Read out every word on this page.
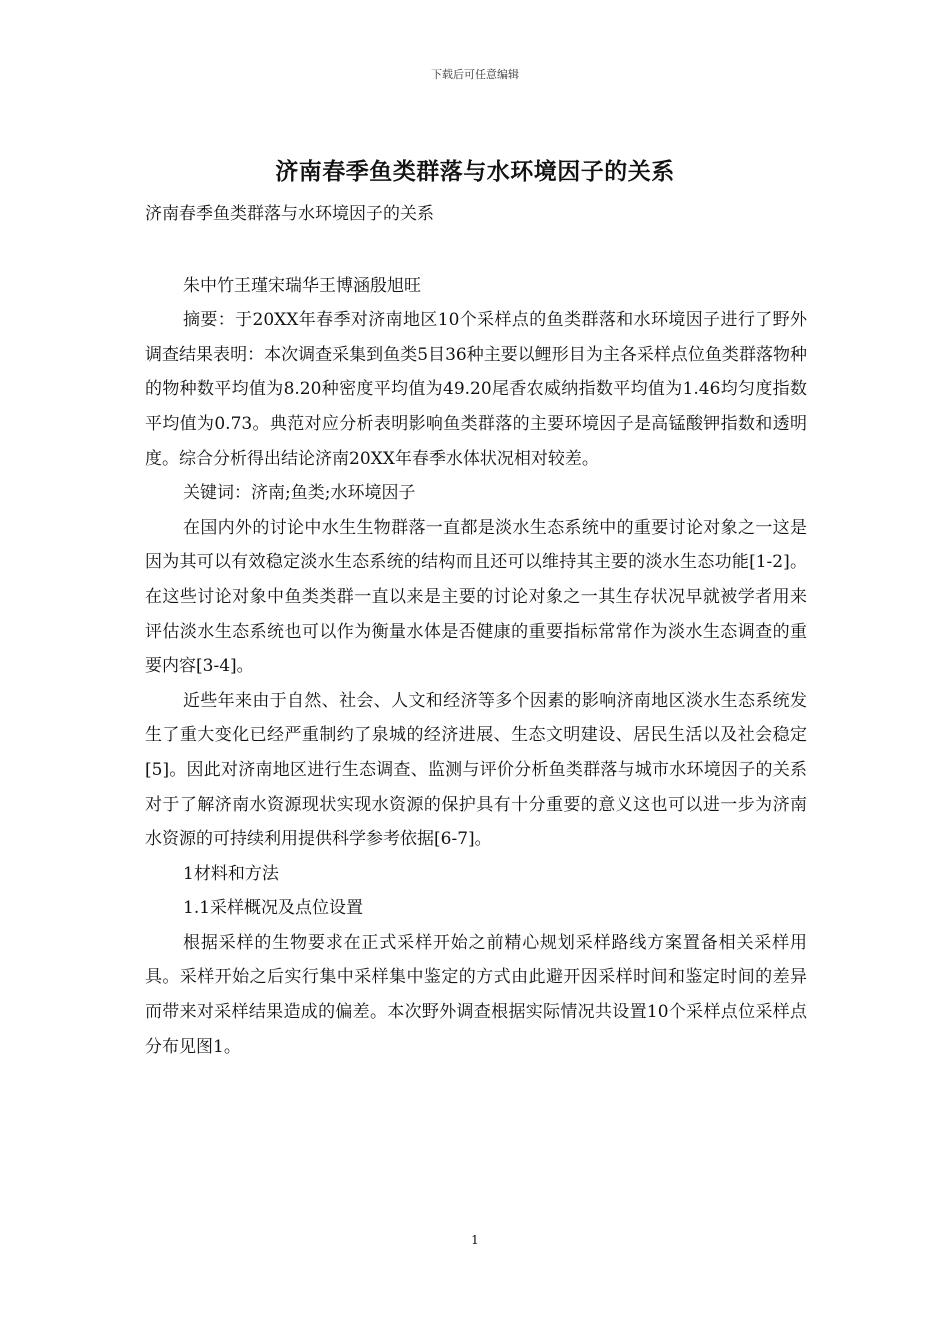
下载后可任意编辑
济南春季鱼类群落与水环境因子的关系

济南春季鱼类群落与水环境因子的关系

朱中竹王瑾宋瑞华王博涵殷旭旺

摘要：于20XX年春季对济南地区10个采样点的鱼类群落和水环境因子进行了野外调查结果表明：本次调查采集到鱼类5目36种主要以鲤形目为主各采样点位鱼类群落物种的物种数平均值为8.20种密度平均值为49.20尾香农威纳指数平均值为1.46均匀度指数平均值为0.73。典范对应分析表明影响鱼类群落的主要环境因子是高锰酸钾指数和透明度。综合分析得出结论济南20XX年春季水体状况相对较差。

关键词：济南;鱼类;水环境因子

在国内外的讨论中水生生物群落一直都是淡水生态系统中的重要讨论对象之一这是因为其可以有效稳定淡水生态系统的结构而且还可以维持其主要的淡水生态功能[1-2]。在这些讨论对象中鱼类类群一直以来是主要的讨论对象之一其生存状况早就被学者用来评估淡水生态系统也可以作为衡量水体是否健康的重要指标常常作为淡水生态调查的重要内容[3-4]。

近些年来由于自然、社会、人文和经济等多个因素的影响济南地区淡水生态系统发生了重大变化已经严重制约了泉城的经济进展、生态文明建设、居民生活以及社会稳定[5]。因此对济南地区进行生态调查、监测与评价分析鱼类群落与城市水环境因子的关系对于了解济南水资源现状实现水资源的保护具有十分重要的意义这也可以进一步为济南水资源的可持续利用提供科学参考依据[6-7]。

1材料和方法

1.1采样概况及点位设置

根据采样的生物要求在正式采样开始之前精心规划采样路线方案置备相关采样用具。采样开始之后实行集中采样集中鉴定的方式由此避开因采样时间和鉴定时间的差异而带来对采样结果造成的偏差。本次野外调查根据实际情况共设置10个采样点位采样点分布见图1。

1
